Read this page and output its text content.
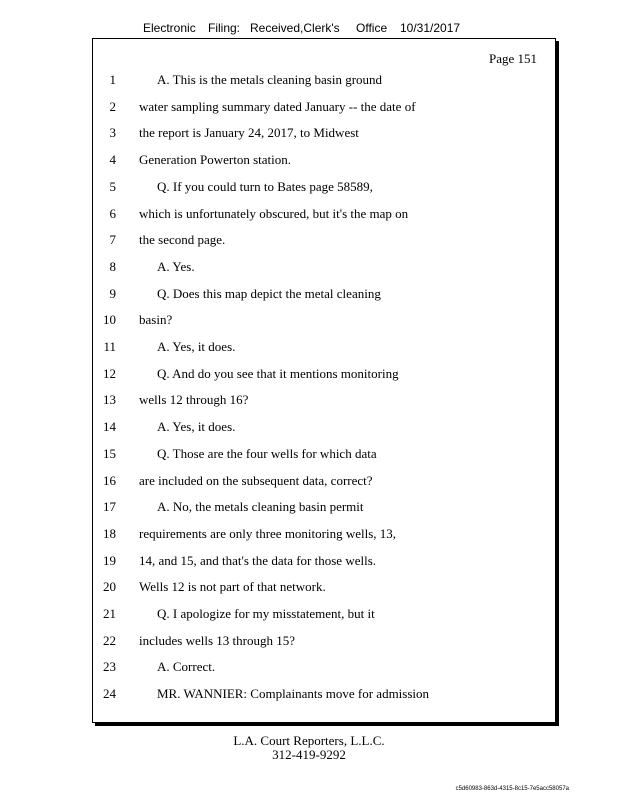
Electronic Filing: Received,Clerk's Office 10/31/2017
Page 151
1	A. This is the metals cleaning basin ground
2 water sampling summary dated January -- the date of
3 the report is January 24, 2017, to Midwest
4 Generation Powerton station.
5	Q. If you could turn to Bates page 58589,
6 which is unfortunately obscured, but it's the map on
7 the second page.
8	A. Yes.
9	Q. Does this map depict the metal cleaning
10 basin?
11	A. Yes, it does.
12	Q. And do you see that it mentions monitoring
13 wells 12 through 16?
14	A. Yes, it does.
15	Q. Those are the four wells for which data
16 are included on the subsequent data, correct?
17	A. No, the metals cleaning basin permit
18 requirements are only three monitoring wells, 13,
19 14, and 15, and that's the data for those wells.
20 Wells 12 is not part of that network.
21	Q. I apologize for my misstatement, but it
22 includes wells 13 through 15?
23	A. Correct.
24	MR. WANNIER: Complainants move for admission
L.A. Court Reporters, L.L.C.
312-419-9292
c5d60983-863d-4315-8c15-7e5acc58057a
